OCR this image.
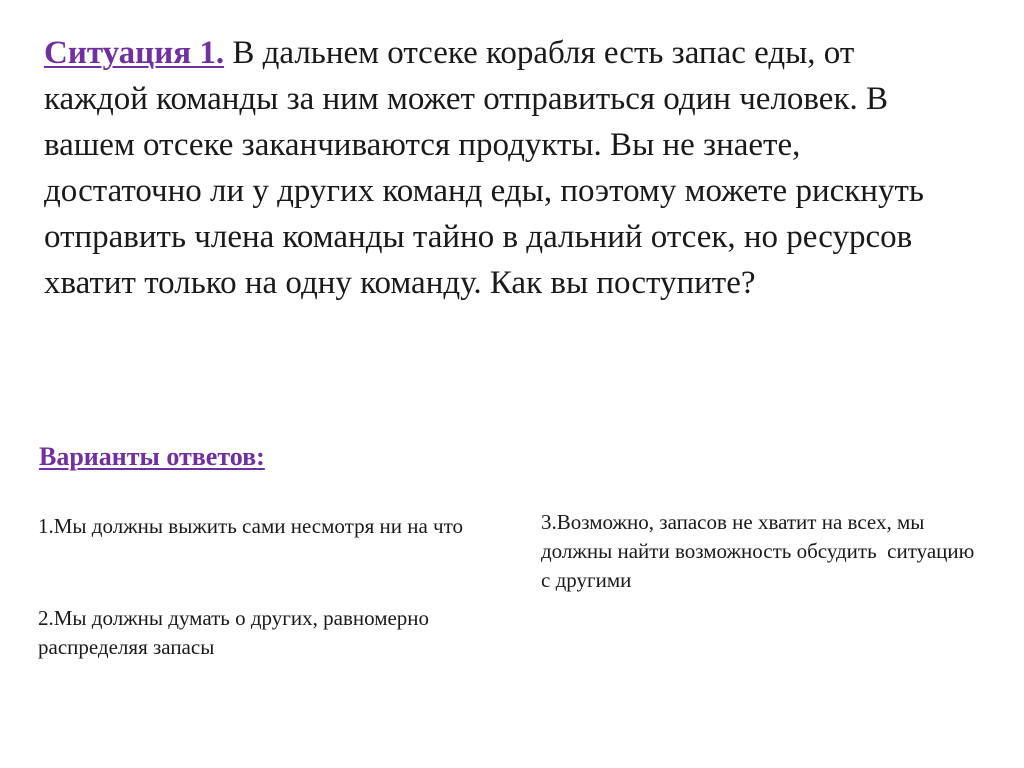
Ситуация 1. В дальнем отсеке корабля есть запас еды, от каждой команды за ним может отправиться один человек. В вашем отсеке заканчиваются продукты. Вы не знаете, достаточно ли у других команд еды, поэтому можете рискнуть отправить члена команды тайно в дальний отсек, но ресурсов хватит только на одну команду. Как вы поступите?

Варианты ответов:

1.Мы должны выжить сами несмотря ни на что

2.Мы должны думать о других, равномерно распределяя запасы

3.Возможно, запасов не хватит на всех, мы должны найти возможность обсудить  ситуацию с другими
